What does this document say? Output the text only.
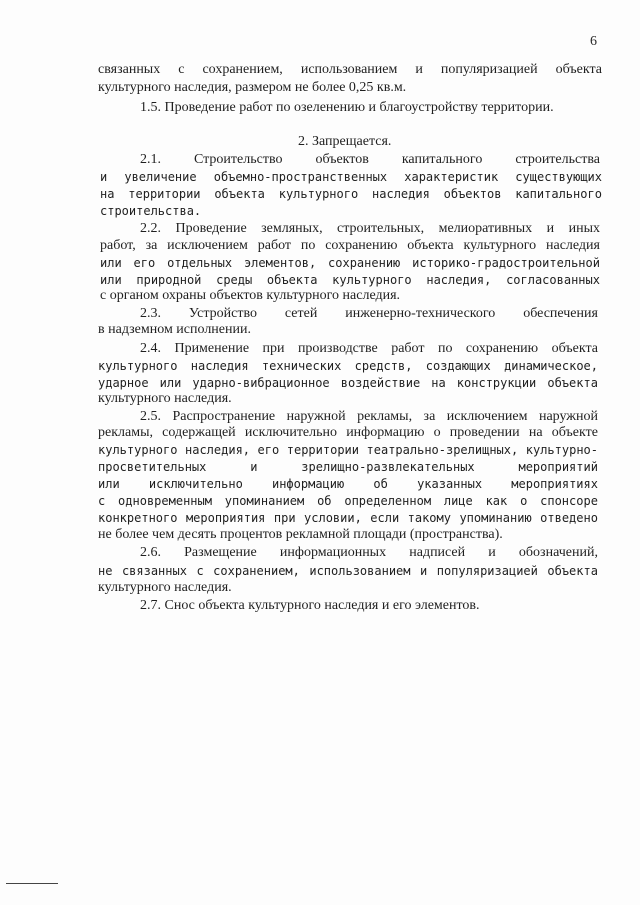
6
связанных с сохранением, использованием и популяризацией объекта
культурного наследия, размером не более 0,25 кв.м.
1.5. Проведение работ по озеленению и благоустройству территории.
2. Запрещается.
2.1. Строительство объектов капитального строительства
и увеличение объемно-пространственных характеристик существующих
на территории объекта культурного наследия объектов капитального
строительства.
2.2. Проведение земляных, строительных, мелиоративных и иных
работ, за исключением работ по сохранению объекта культурного наследия
или его отдельных элементов, сохранению историко-градостроительной
или природной среды объекта культурного наследия, согласованных
с органом охраны объектов культурного наследия.
2.3. Устройство сетей инженерно-технического обеспечения
в надземном исполнении.
2.4. Применение при производстве работ по сохранению объекта
культурного наследия технических средств, создающих динамическое,
ударное или ударно-вибрационное воздействие на конструкции объекта
культурного наследия.
2.5. Распространение наружной рекламы, за исключением наружной
рекламы, содержащей исключительно информацию о проведении на объекте
культурного наследия, его территории театрально-зрелищных, культурно-
просветительных	и	зрелищно-развлекательных	мероприятий
или исключительно информацию об указанных мероприятиях
с одновременным упоминанием об определенном лице как о спонсоре
конкретного мероприятия при условии, если такому упоминанию отведено
не более чем десять процентов рекламной площади (пространства).
2.6. Размещение информационных надписей и обозначений,
не связанных с сохранением, использованием и популяризацией объекта
культурного наследия.
2.7. Снос объекта культурного наследия и его элементов.
